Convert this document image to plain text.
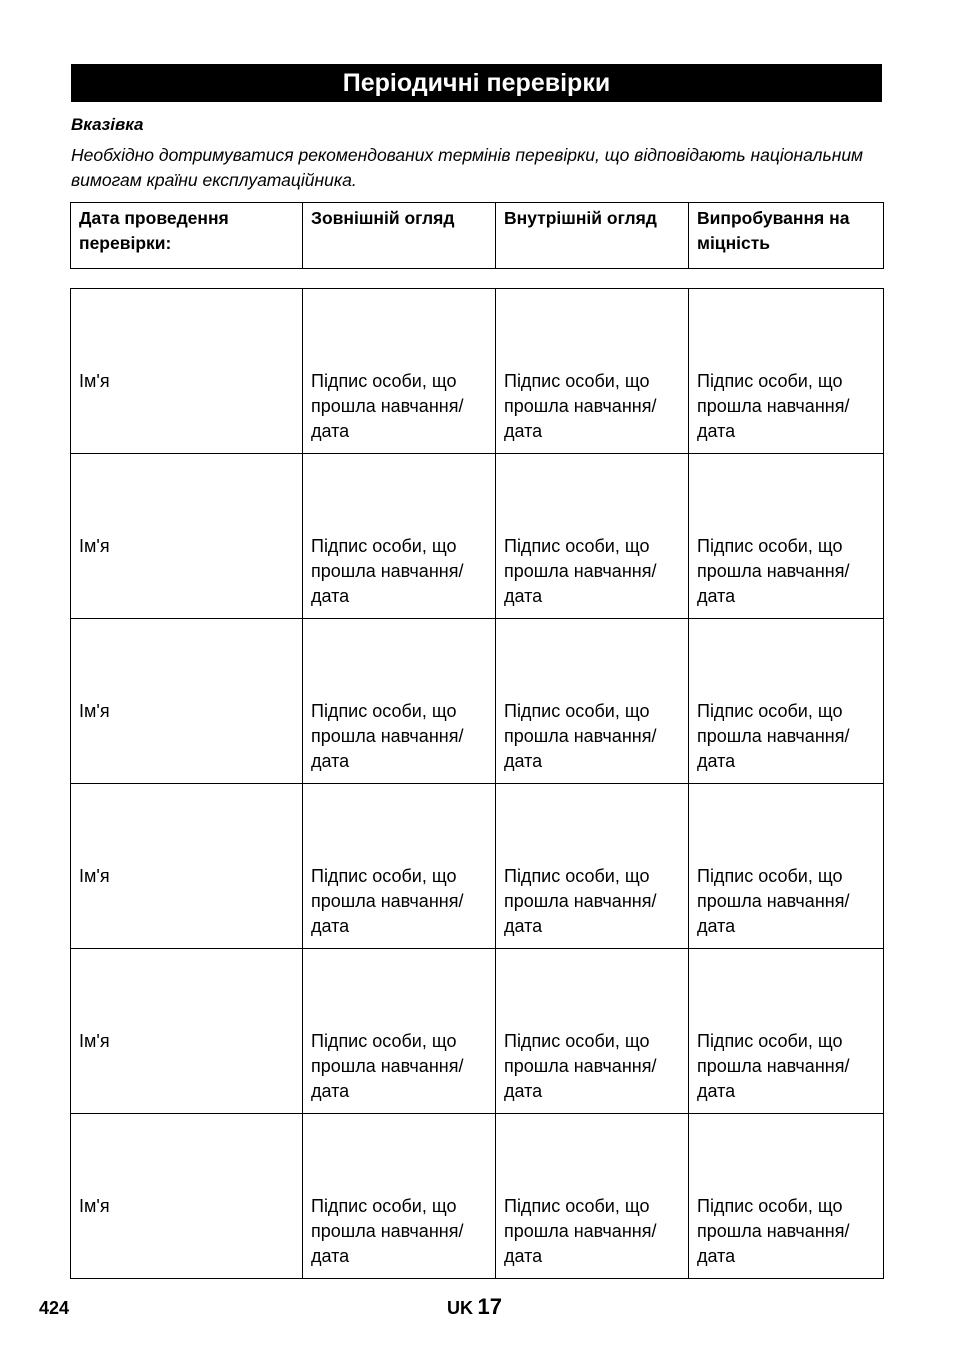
Періодичні перевірки
Вказівка
Необхідно дотримуватися рекомендованих термінів перевірки, що відповідають національним вимогам країни експлуатаційника.
Дата проведення перевірки:	Зовнішній огляд	Внутрішній огляд	Випробування на міцність
Ім'я	Підпис особи, що прошла навчання/ дата	Підпис особи, що прошла навчання/ дата	Підпис особи, що прошла навчання/ дата
Ім'я	Підпис особи, що прошла навчання/ дата	Підпис особи, що прошла навчання/ дата	Підпис особи, що прошла навчання/ дата
Ім'я	Підпис особи, що прошла навчання/ дата	Підпис особи, що прошла навчання/ дата	Підпис особи, що прошла навчання/ дата
Ім'я	Підпис особи, що прошла навчання/ дата	Підпис особи, що прошла навчання/ дата	Підпис особи, що прошла навчання/ дата
Ім'я	Підпис особи, що прошла навчання/ дата	Підпис особи, що прошла навчання/ дата	Підпис особи, що прошла навчання/ дата
Ім'я	Підпис особи, що прошла навчання/ дата	Підпис особи, що прошла навчання/ дата	Підпис особи, що прошла навчання/ дата
424	UK 17
